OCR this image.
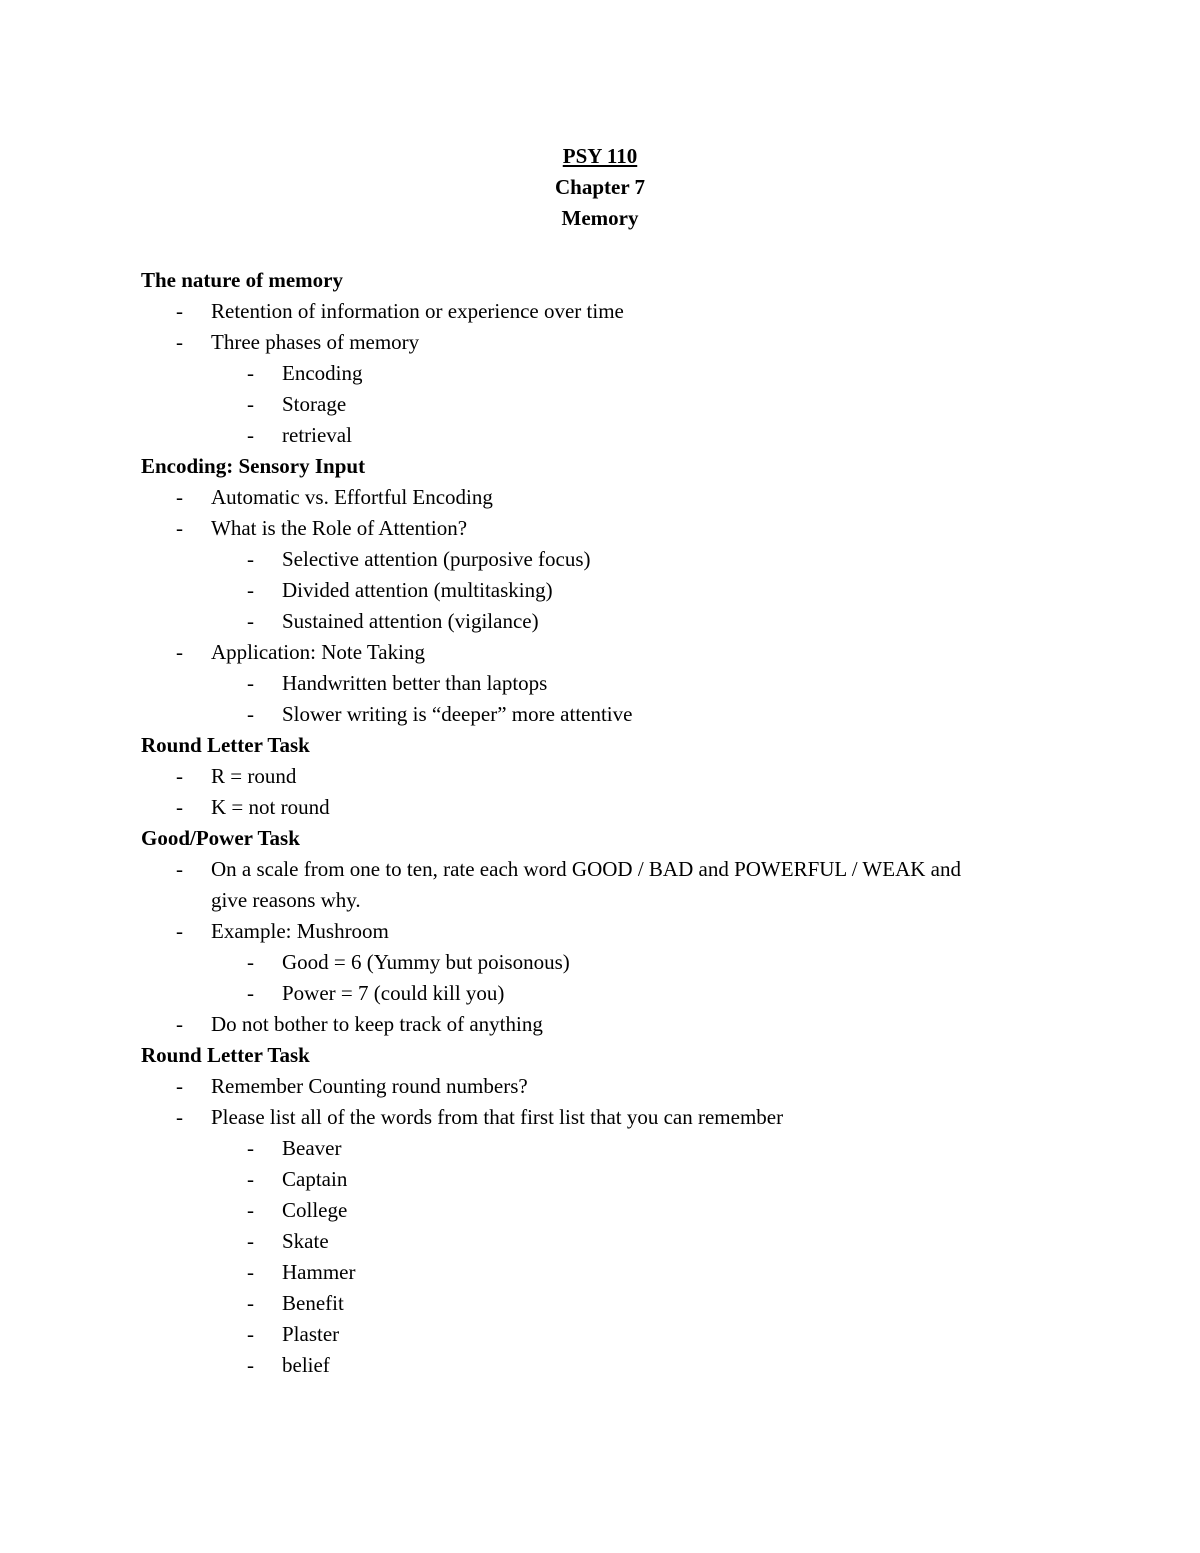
PSY 110
Chapter 7
Memory
The nature of memory
-	Retention of information or experience over time
-	Three phases of memory
-	Encoding
-	Storage
-	retrieval
Encoding: Sensory Input
-	Automatic vs. Effortful Encoding
-	What is the Role of Attention?
-	Selective attention (purposive focus)
-	Divided attention (multitasking)
-	Sustained attention (vigilance)
-	Application: Note Taking
-	Handwritten better than laptops
-	Slower writing is “deeper” more attentive
Round Letter Task
-	R = round
-	K = not round
Good/Power Task
-	On a scale from one to ten, rate each word GOOD / BAD and POWERFUL / WEAK and
give reasons why.
-	Example: Mushroom
-	Good = 6 (Yummy but poisonous)
-	Power = 7 (could kill you)
-	Do not bother to keep track of anything
Round Letter Task
-	Remember Counting round numbers?
-	Please list all of the words from that first list that you can remember
-	Beaver
-	Captain
-	College
-	Skate
-	Hammer
-	Benefit
-	Plaster
-	belief
